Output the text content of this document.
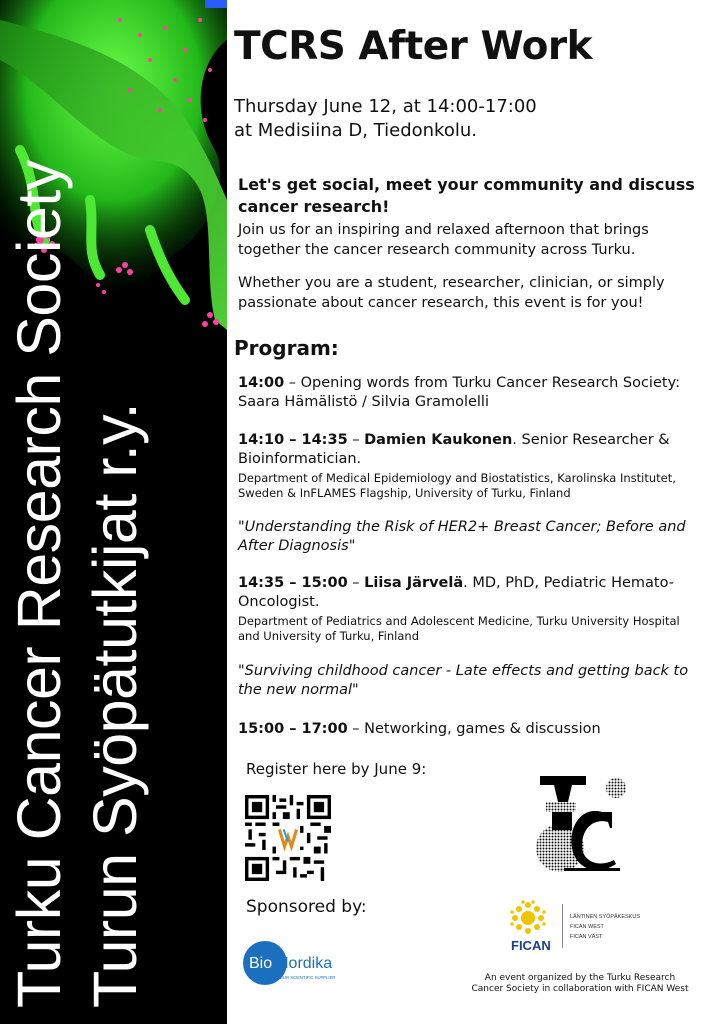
Turku Cancer Research Society Turun Syöpätutkijat r.y.
TCRS After Work
Thursday June 12, at 14:00-17:00
at Medisiina D, Tiedonkolu.
Let's get social, meet your community and discuss cancer research!
Join us for an inspiring and relaxed afternoon that brings together the cancer research community across Turku.
Whether you are a student, researcher, clinician, or simply passionate about cancer research, this event is for you!
Program:
14:00 – Opening words from Turku Cancer Research Society: Saara Hämälistö / Silvia Gramolelli
14:10 – 14:35 – Damien Kaukonen. Senior Researcher & Bioinformatician.
Department of Medical Epidemiology and Biostatistics, Karolinska Institutet, Sweden & InFLAMES Flagship, University of Turku, Finland
"Understanding the Risk of HER2+ Breast Cancer; Before and After Diagnosis"
14:35 – 15:00 – Liisa Järvelä. MD, PhD, Pediatric Hemato-Oncologist.
Department of Pediatrics and Adolescent Medicine, Turku University Hospital and University of Turku, Finland
"Surviving childhood cancer - Late effects and getting back to the new normal"
15:00 – 17:00 – Networking, games & discussion
Register here by June 9:
Sponsored by:
Bio Nordika
YOUR SCIENTIFIC SUPPLIER
FICAN
LÄNTINEN SYÖPÄKESKUS
FICAN WEST
FICAN VÄST
An event organized by the Turku Research Cancer Society in collaboration with FICAN West
